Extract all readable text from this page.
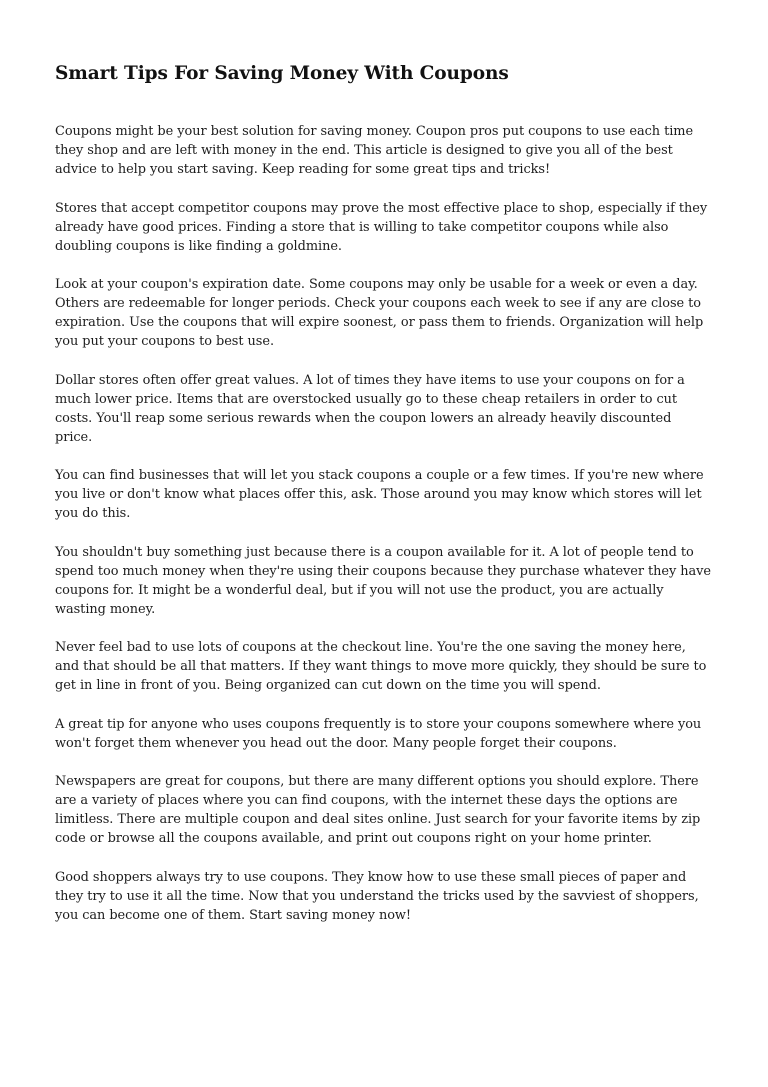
Smart Tips For Saving Money With Coupons

Coupons might be your best solution for saving money. Coupon pros put coupons to use each time they shop and are left with money in the end. This article is designed to give you all of the best advice to help you start saving. Keep reading for some great tips and tricks!

Stores that accept competitor coupons may prove the most effective place to shop, especially if they already have good prices. Finding a store that is willing to take competitor coupons while also doubling coupons is like finding a goldmine.

Look at your coupon's expiration date. Some coupons may only be usable for a week or even a day. Others are redeemable for longer periods. Check your coupons each week to see if any are close to expiration. Use the coupons that will expire soonest, or pass them to friends. Organization will help you put your coupons to best use.

Dollar stores often offer great values. A lot of times they have items to use your coupons on for a much lower price. Items that are overstocked usually go to these cheap retailers in order to cut costs. You'll reap some serious rewards when the coupon lowers an already heavily discounted price.

You can find businesses that will let you stack coupons a couple or a few times. If you're new where you live or don't know what places offer this, ask. Those around you may know which stores will let you do this.

You shouldn't buy something just because there is a coupon available for it. A lot of people tend to spend too much money when they're using their coupons because they purchase whatever they have coupons for. It might be a wonderful deal, but if you will not use the product, you are actually wasting money.

Never feel bad to use lots of coupons at the checkout line. You're the one saving the money here, and that should be all that matters. If they want things to move more quickly, they should be sure to get in line in front of you. Being organized can cut down on the time you will spend.

A great tip for anyone who uses coupons frequently is to store your coupons somewhere where you won't forget them whenever you head out the door. Many people forget their coupons.

Newspapers are great for coupons, but there are many different options you should explore. There are a variety of places where you can find coupons, with the internet these days the options are limitless. There are multiple coupon and deal sites online. Just search for your favorite items by zip code or browse all the coupons available, and print out coupons right on your home printer.

Good shoppers always try to use coupons. They know how to use these small pieces of paper and they try to use it all the time. Now that you understand the tricks used by the savviest of shoppers, you can become one of them. Start saving money now!
